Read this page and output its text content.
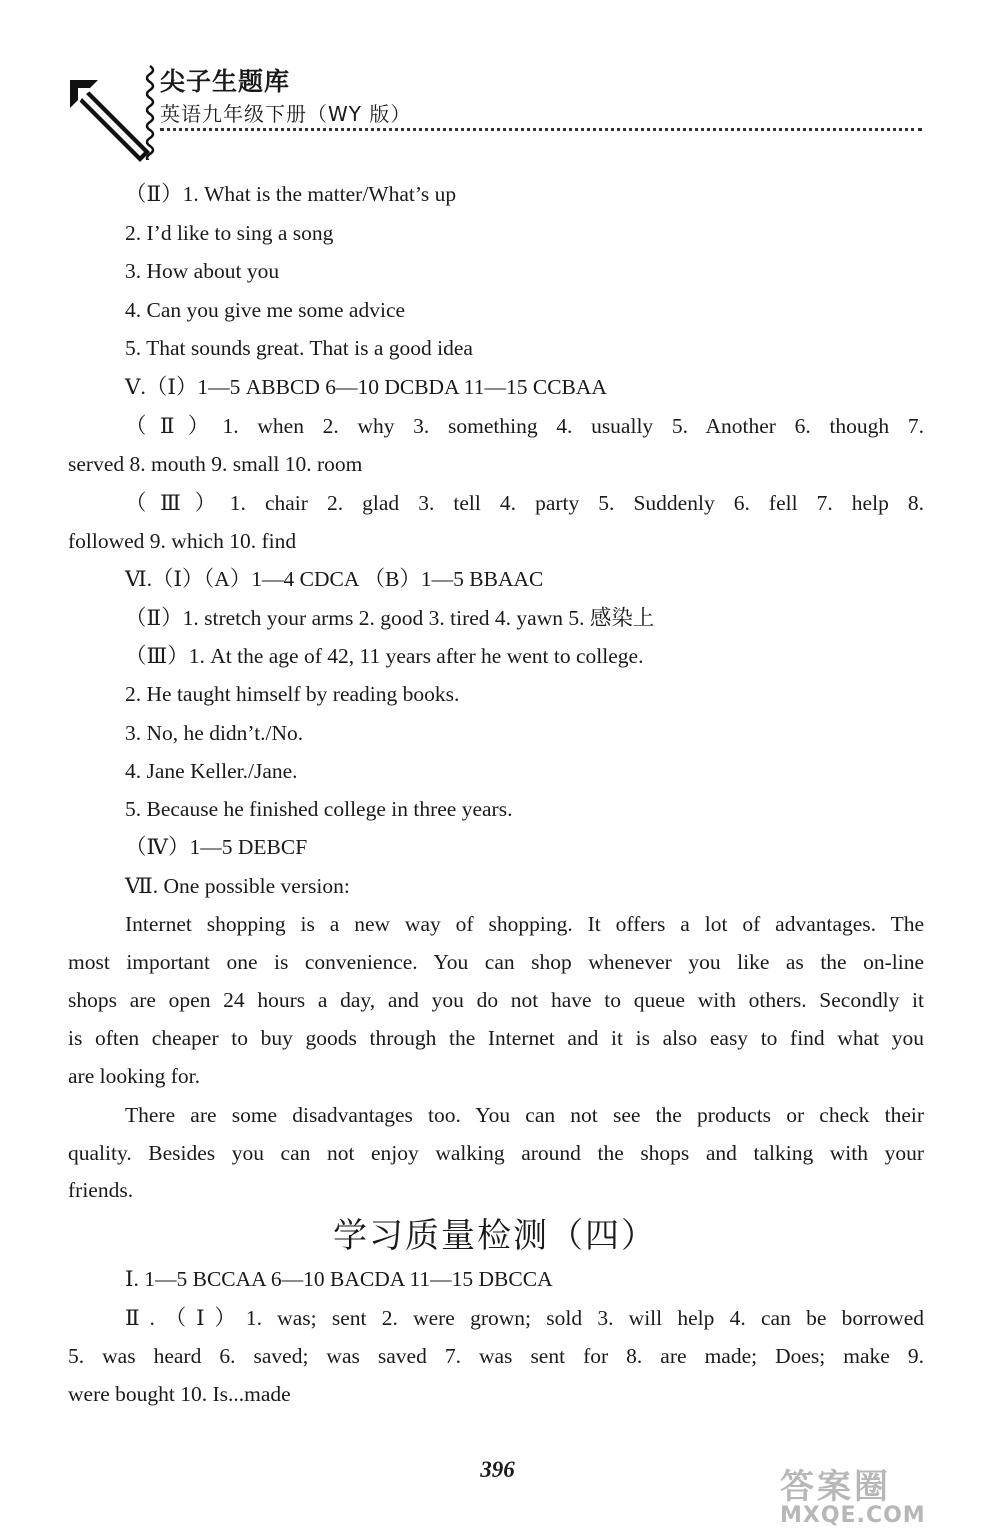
尖子生题库
英语九年级下册（WY 版）
（Ⅱ）1. What is the matter/What’s up
2. I’d like to sing a song
3. How about you
4. Can you give me some advice
5. That sounds great. That is a good idea
Ⅴ.（Ⅰ）1—5 ABBCD 6—10 DCBDA 11—15 CCBAA
（Ⅱ）1. when 2. why 3. something 4. usually 5. Another 6. though 7.
served 8. mouth 9. small 10. room
（Ⅲ）1. chair 2. glad 3. tell 4. party 5. Suddenly 6. fell 7. help 8.
followed 9. which 10. find
Ⅵ.（Ⅰ）（A）1—4 CDCA （B）1—5 BBAAC
（Ⅱ）1. stretch your arms 2. good 3. tired 4. yawn 5. 感染上
（Ⅲ）1. At the age of 42, 11 years after he went to college.
2. He taught himself by reading books.
3. No, he didn’t./No.
4. Jane Keller./Jane.
5. Because he finished college in three years.
（Ⅳ）1—5 DEBCF
Ⅶ. One possible version:
Internet shopping is a new way of shopping. It offers a lot of advantages. The
most important one is convenience. You can shop whenever you like as the on-line
shops are open 24 hours a day, and you do not have to queue with others. Secondly it
is often cheaper to buy goods through the Internet and it is also easy to find what you
are looking for.
There are some disadvantages too. You can not see the products or check their
quality. Besides you can not enjoy walking around the shops and talking with your
friends.
学习质量检测（四）
Ⅰ. 1—5 BCCAA 6—10 BACDA 11—15 DBCCA
Ⅱ.（Ⅰ）1. was; sent 2. were grown; sold 3. will help 4. can be borrowed
5. was heard 6. saved; was saved 7. was sent for 8. are made; Does; make 9.
were bought 10. Is...made
396	答案圈
MXQE.COM
